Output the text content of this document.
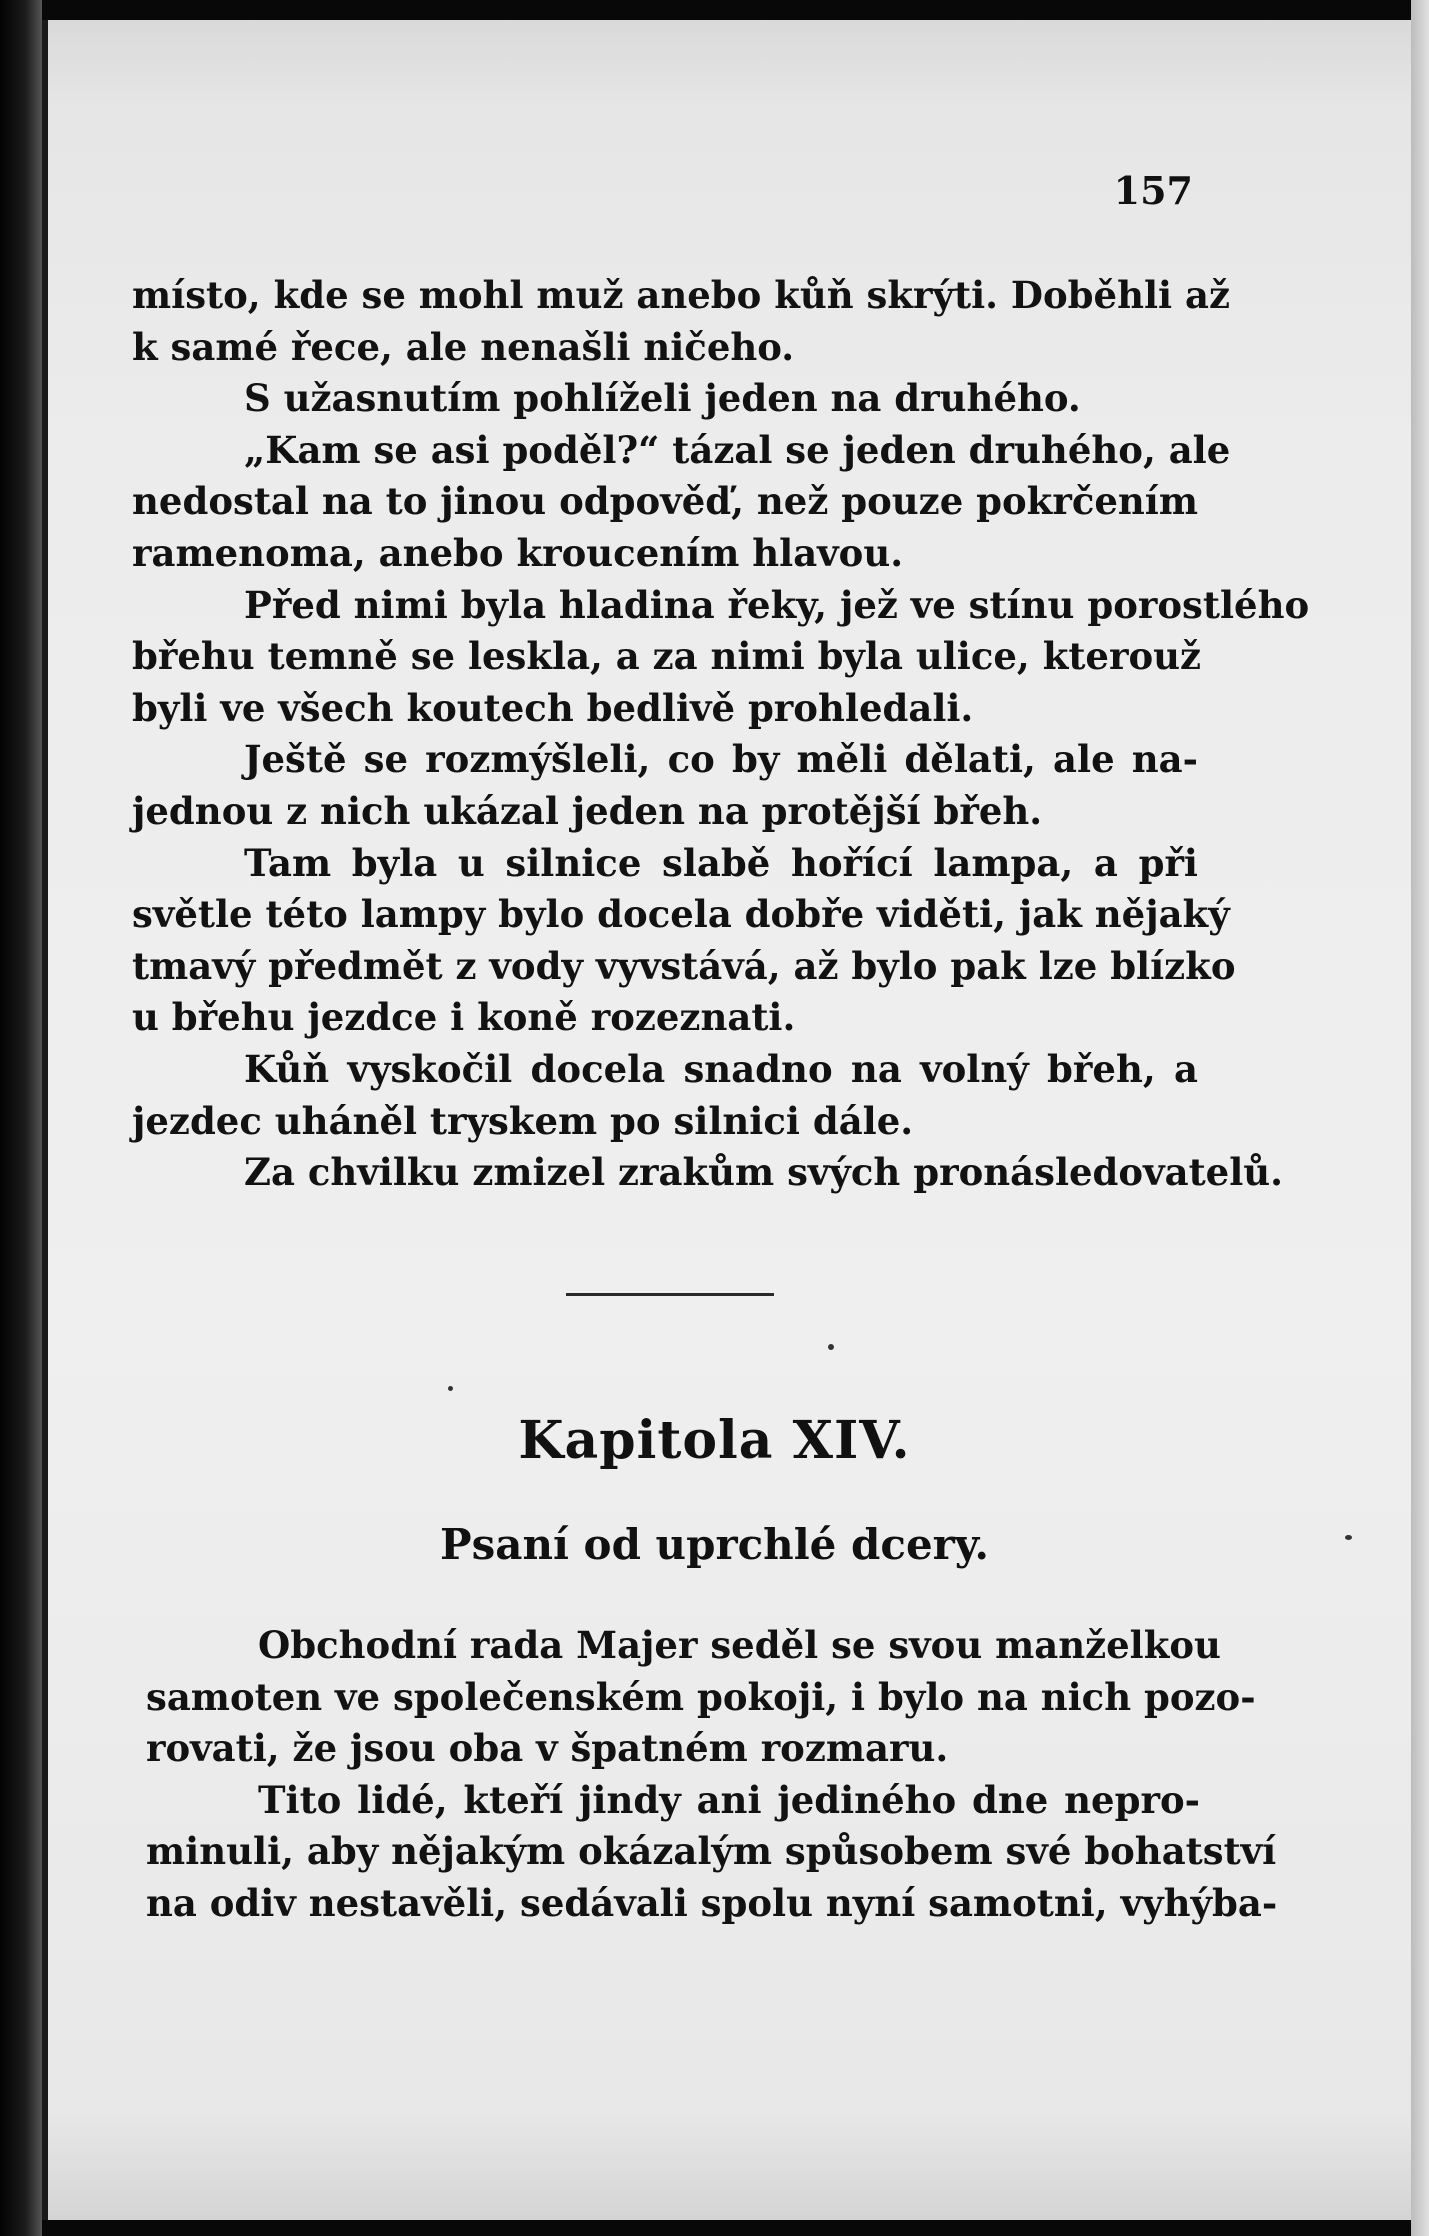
157
místo, kde se mohl muž anebo kůň skrýti. Doběhli až
k samé řece, ale nenašli ničeho.
S užasnutím pohlíželi jeden na druhého.
„Kam se asi poděl?“ tázal se jeden druhého, ale
nedostal na to jinou odpověď, než pouze pokrčením
ramenoma, anebo kroucením hlavou.
Před nimi byla hladina řeky, jež ve stínu porostlého
břehu temně se leskla, a za nimi byla ulice, kterouž
byli ve všech koutech bedlivě prohledali.
Ještě se rozmýšleli, co by měli dělati, ale na-
jednou z nich ukázal jeden na protější břeh.
Tam byla u silnice slabě hořící lampa, a při
světle této lampy bylo docela dobře viděti, jak nějaký
tmavý předmět z vody vyvstává, až bylo pak lze blízko
u břehu jezdce i koně rozeznati.
Kůň vyskočil docela snadno na volný břeh, a
jezdec uháněl tryskem po silnici dále.
Za chvilku zmizel zrakům svých pronásledovatelů.
Kapitola XIV.
Psaní od uprchlé dcery.
Obchodní rada Majer seděl se svou manželkou
samoten ve společenském pokoji, i bylo na nich pozo-
rovati, že jsou oba v špatném rozmaru.
Tito lidé, kteří jindy ani jediného dne nepro-
minuli, aby nějakým okázalým spůsobem své bohatství
na odiv nestavěli, sedávali spolu nyní samotni, vyhýba-
